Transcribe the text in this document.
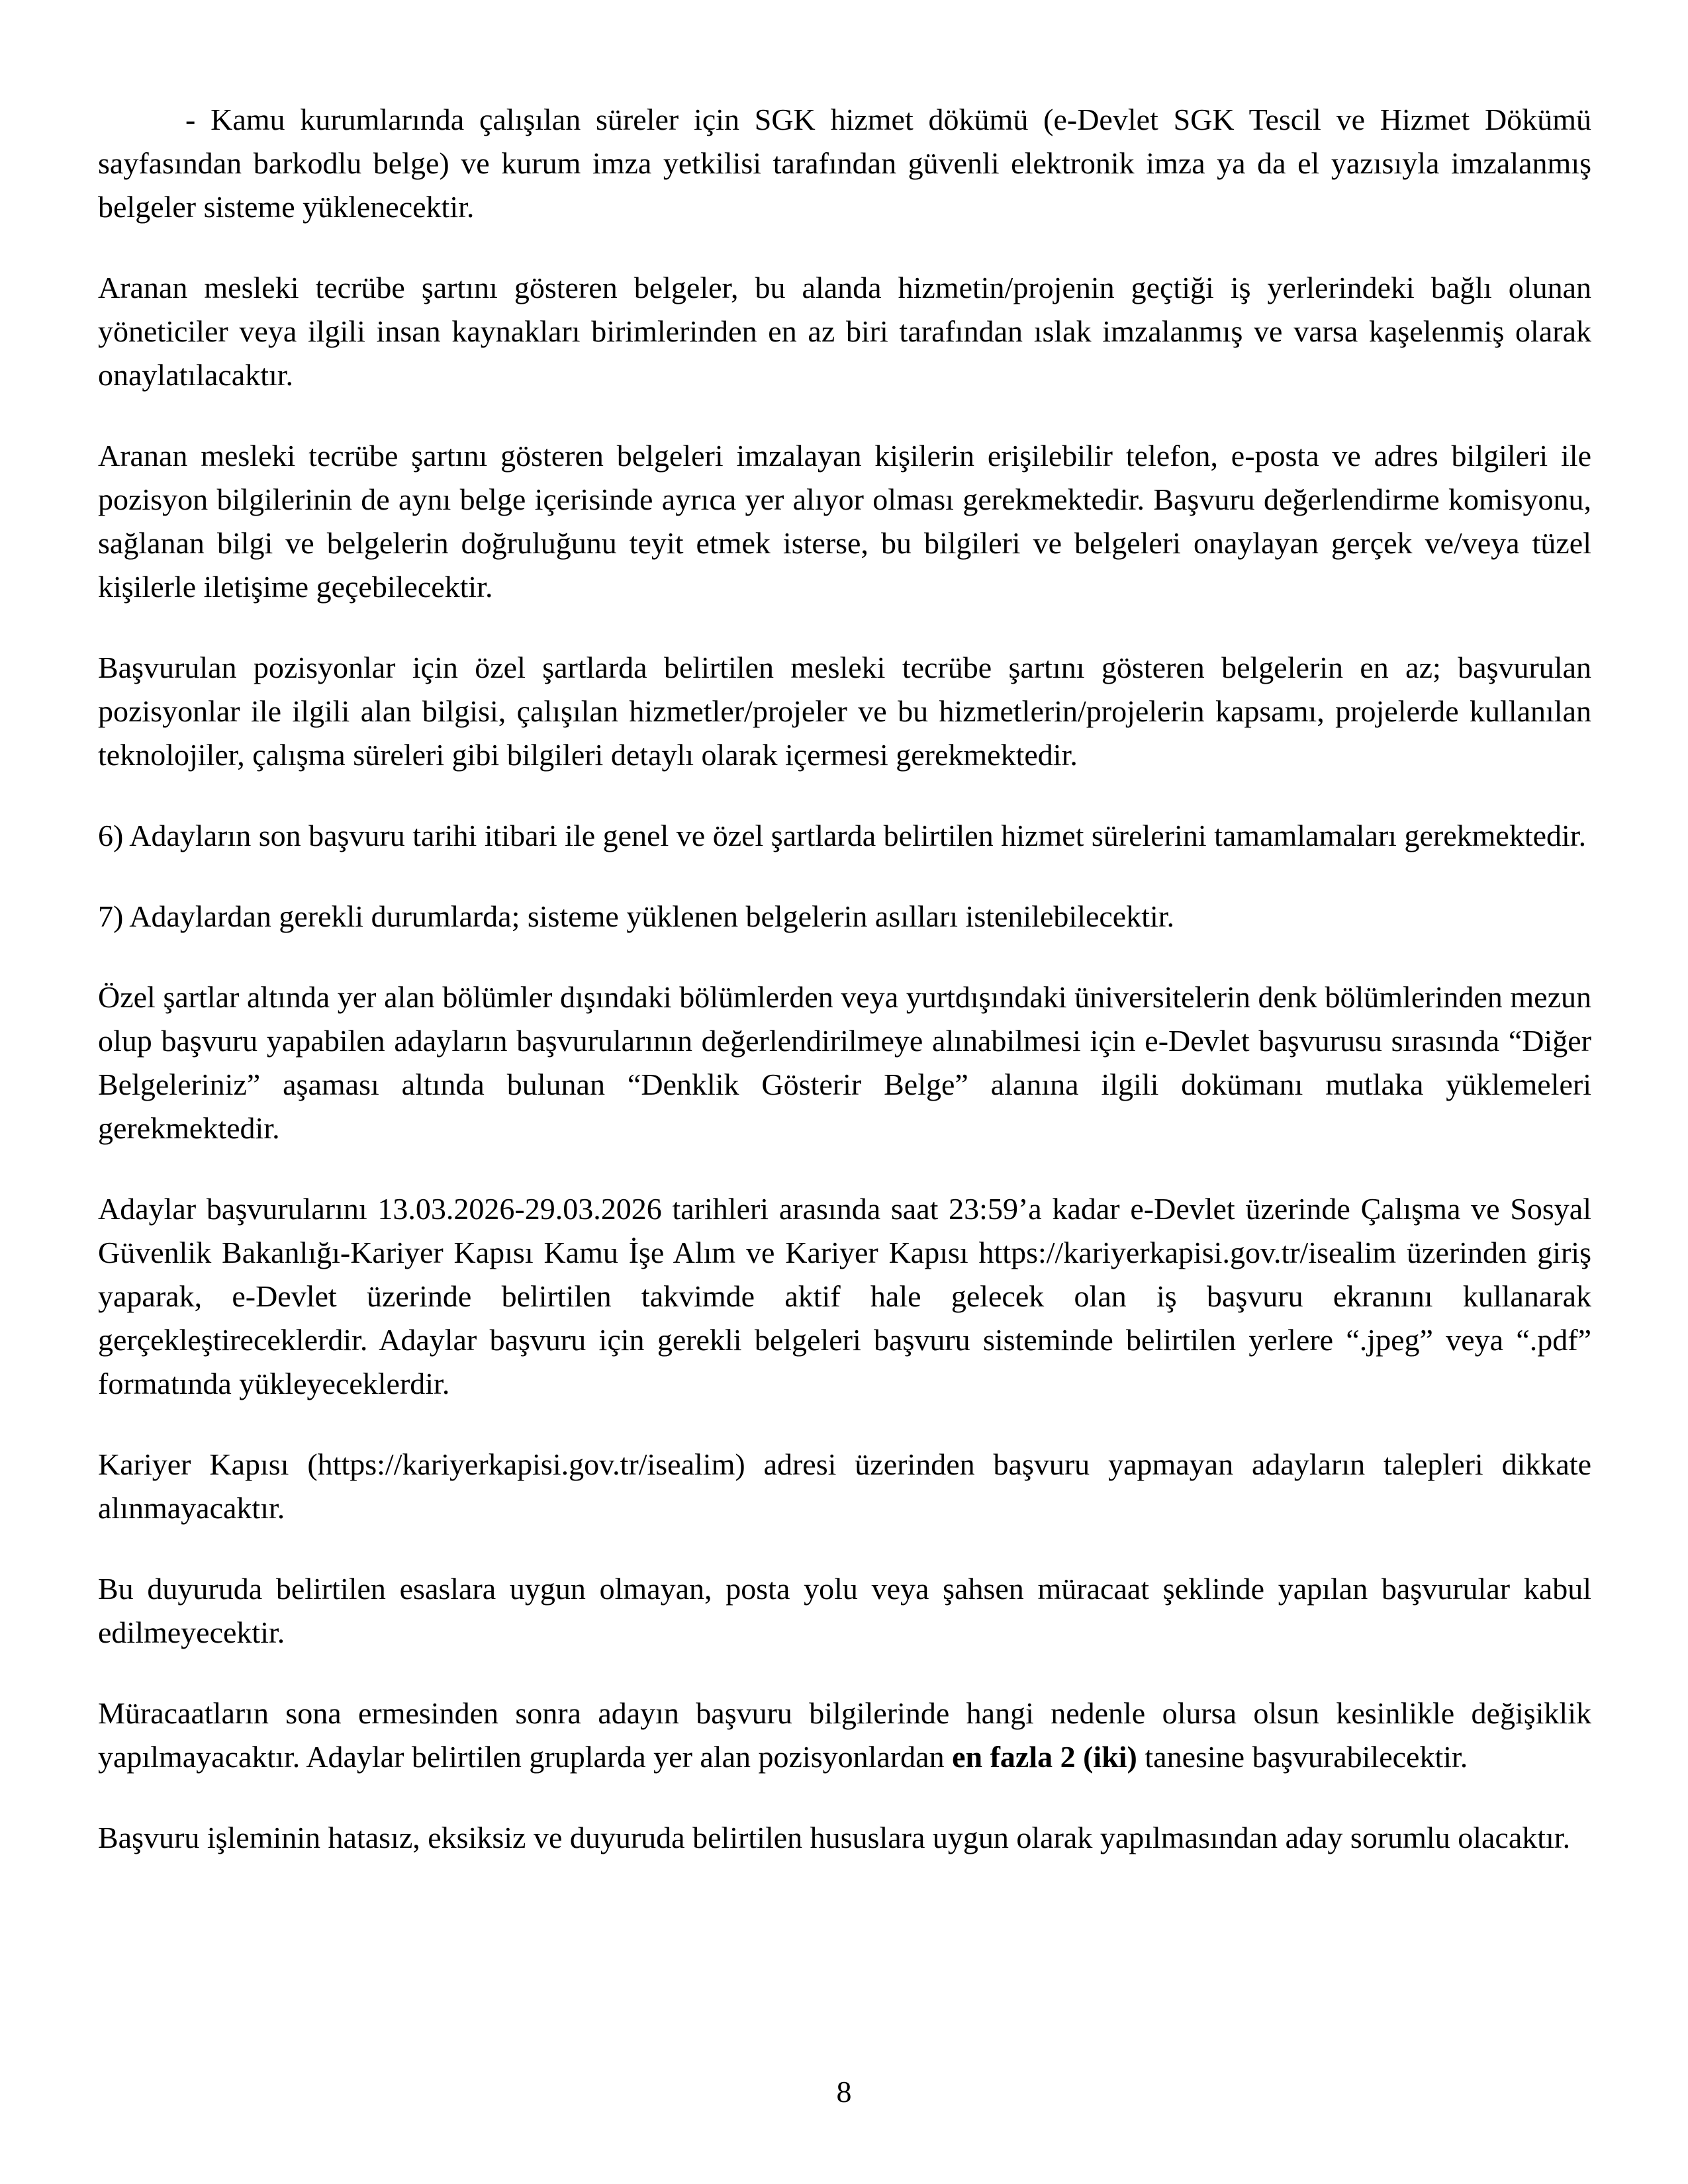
- Kamu kurumlarında çalışılan süreler için SGK hizmet dökümü (e-Devlet SGK Tescil ve Hizmet Dökümü sayfasından barkodlu belge) ve kurum imza yetkilisi tarafından güvenli elektronik imza ya da el yazısıyla imzalanmış belgeler sisteme yüklenecektir.

Aranan mesleki tecrübe şartını gösteren belgeler, bu alanda hizmetin/projenin geçtiği iş yerlerindeki bağlı olunan yöneticiler veya ilgili insan kaynakları birimlerinden en az biri tarafından ıslak imzalanmış ve varsa kaşelenmiş olarak onaylatılacaktır.

Aranan mesleki tecrübe şartını gösteren belgeleri imzalayan kişilerin erişilebilir telefon, e-posta ve adres bilgileri ile pozisyon bilgilerinin de aynı belge içerisinde ayrıca yer alıyor olması gerekmektedir. Başvuru değerlendirme komisyonu, sağlanan bilgi ve belgelerin doğruluğunu teyit etmek isterse, bu bilgileri ve belgeleri onaylayan gerçek ve/veya tüzel kişilerle iletişime geçebilecektir.

Başvurulan pozisyonlar için özel şartlarda belirtilen mesleki tecrübe şartını gösteren belgelerin en az; başvurulan pozisyonlar ile ilgili alan bilgisi, çalışılan hizmetler/projeler ve bu hizmetlerin/projelerin kapsamı, projelerde kullanılan teknolojiler, çalışma süreleri gibi bilgileri detaylı olarak içermesi gerekmektedir.

6) Adayların son başvuru tarihi itibari ile genel ve özel şartlarda belirtilen hizmet sürelerini tamamlamaları gerekmektedir.

7) Adaylardan gerekli durumlarda; sisteme yüklenen belgelerin asılları istenilebilecektir.

Özel şartlar altında yer alan bölümler dışındaki bölümlerden veya yurtdışındaki üniversitelerin denk bölümlerinden mezun olup başvuru yapabilen adayların başvurularının değerlendirilmeye alınabilmesi için e-Devlet başvurusu sırasında “Diğer Belgeleriniz” aşaması altında bulunan “Denklik Gösterir Belge” alanına ilgili dokümanı mutlaka yüklemeleri gerekmektedir.

Adaylar başvurularını 13.03.2026-29.03.2026 tarihleri arasında saat 23:59’a kadar e-Devlet üzerinde Çalışma ve Sosyal Güvenlik Bakanlığı-Kariyer Kapısı Kamu İşe Alım ve Kariyer Kapısı https://kariyerkapisi.gov.tr/isealim üzerinden giriş yaparak, e-Devlet üzerinde belirtilen takvimde aktif hale gelecek olan iş başvuru ekranını kullanarak gerçekleştireceklerdir. Adaylar başvuru için gerekli belgeleri başvuru sisteminde belirtilen yerlere “.jpeg” veya “.pdf” formatında yükleyeceklerdir.

Kariyer Kapısı (https://kariyerkapisi.gov.tr/isealim) adresi üzerinden başvuru yapmayan adayların talepleri dikkate alınmayacaktır.

Bu duyuruda belirtilen esaslara uygun olmayan, posta yolu veya şahsen müracaat şeklinde yapılan başvurular kabul edilmeyecektir.

Müracaatların sona ermesinden sonra adayın başvuru bilgilerinde hangi nedenle olursa olsun kesinlikle değişiklik yapılmayacaktır. Adaylar belirtilen gruplarda yer alan pozisyonlardan en fazla 2 (iki) tanesine başvurabilecektir.

Başvuru işleminin hatasız, eksiksiz ve duyuruda belirtilen hususlara uygun olarak yapılmasından aday sorumlu olacaktır.

8
